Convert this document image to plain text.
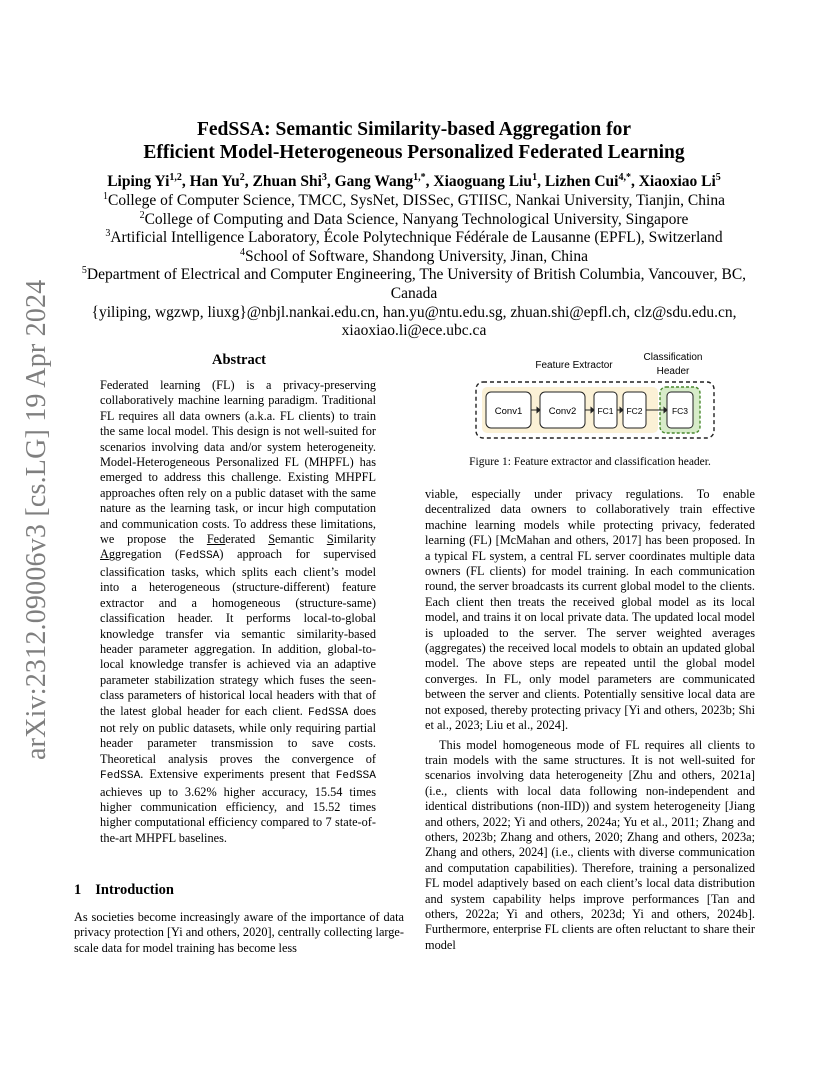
arXiv:2312.09006v3 [cs.LG] 19 Apr 2024
FedSSA: Semantic Similarity-based Aggregation for
Efficient Model-Heterogeneous Personalized Federated Learning
Liping Yi$^{1,2}$, Han Yu$^2$, Zhuan Shi$^3$, Gang Wang$^{1,*}$, Xiaoguang Liu$^1$, Lizhen Cui$^{4,*}$, Xiaoxiao Li$^5$
$^1$College of Computer Science, TMCC, SysNet, DISSec, GTIISC, Nankai University, Tianjin, China
$^2$College of Computing and Data Science, Nanyang Technological University, Singapore
$^3$Artificial Intelligence Laboratory, École Polytechnique Fédérale de Lausanne (EPFL), Switzerland
$^4$School of Software, Shandong University, Jinan, China
$^5$Department of Electrical and Computer Engineering, The University of British Columbia, Vancouver, BC, Canada
{yiliping, wgzwp, liuxg}@nbjl.nankai.edu.cn, han.yu@ntu.edu.sg, zhuan.shi@epfl.ch, clz@sdu.edu.cn, xiaoxiao.li@ece.ubc.ca
Abstract
Federated learning (FL) is a privacy-preserving collaboratively machine learning paradigm. Traditional FL requires all data owners (a.k.a. FL clients) to train the same local model. This design is not well-suited for scenarios involving data and/or system heterogeneity. Model-Heterogeneous Personalized FL (MHPFL) has emerged to address this challenge. Existing MHPFL approaches often rely on a public dataset with the same nature as the learning task, or incur high computation and communication costs. To address these limitations, we propose the Federated Semantic Similarity Aggregation (FedSSA) approach for supervised classification tasks, which splits each client’s model into a heterogeneous (structure-different) feature extractor and a homogeneous (structure-same) classification header. It performs local-to-global knowledge transfer via semantic similarity-based header parameter aggregation. In addition, global-to-local knowledge transfer is achieved via an adaptive parameter stabilization strategy which fuses the seen-class parameters of historical local headers with that of the latest global header for each client. FedSSA does not rely on public datasets, while only requiring partial header parameter transmission to save costs. Theoretical analysis proves the convergence of FedSSA. Extensive experiments present that FedSSA achieves up to 3.62% higher accuracy, 15.54 times higher communication efficiency, and 15.52 times higher computational efficiency compared to 7 state-of-the-art MHPFL baselines.
1 Introduction
As societies become increasingly aware of the importance of data privacy protection [Yi and others, 2020], centrally collecting large-scale data for model training has become less
Feature Extractor
Classification
Header
Conv1	Conv2 FC1 FC2	FC3
Figure 1: Feature extractor and classification header.

viable, especially under privacy regulations. To enable decentralized data owners to collaboratively train effective machine learning models while protecting privacy, federated learning (FL) [McMahan and others, 2017] has been proposed. In a typical FL system, a central FL server coordinates multiple data owners (FL clients) for model training. In each communication round, the server broadcasts its current global model to the clients. Each client then treats the received global model as its local model, and trains it on local private data. The updated local model is uploaded to the server. The server weighted averages (aggregates) the received local models to obtain an updated global model. The above steps are repeated until the global model converges. In FL, only model parameters are communicated between the server and clients. Potentially sensitive local data are not exposed, thereby protecting privacy [Yi and others, 2023b; Shi et al., 2023; Liu et al., 2024].

This model homogeneous mode of FL requires all clients to train models with the same structures. It is not well-suited for scenarios involving data heterogeneity [Zhu and others, 2021a] (i.e., clients with local data following non-independent and identical distributions (non-IID)) and system heterogeneity [Jiang and others, 2022; Yi and others, 2024a; Yu et al., 2011; Zhang and others, 2023b; Zhang and others, 2020; Zhang and others, 2023a; Zhang and others, 2024] (i.e., clients with diverse communication and computation capabilities). Therefore, training a personalized FL model adaptively based on each client’s local data distribution and system capability helps improve performances [Tan and others, 2022a; Yi and others, 2023d; Yi and others, 2024b]. Furthermore, enterprise FL clients are often reluctant to share their model
